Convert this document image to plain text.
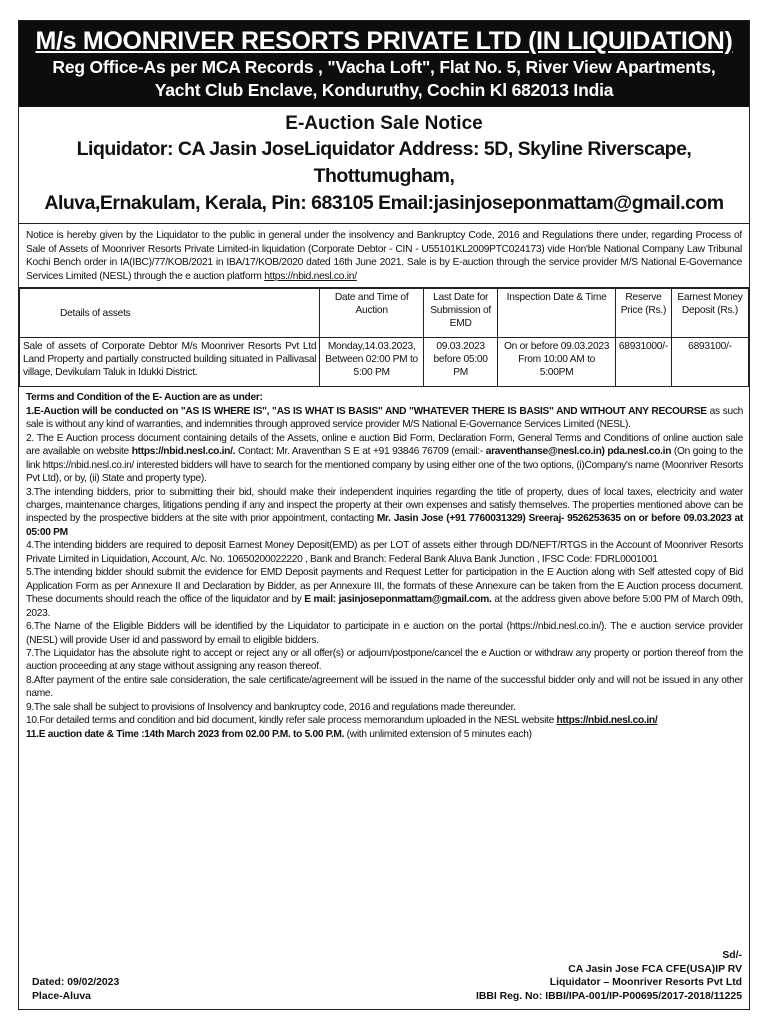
M/s MOONRIVER RESORTS PRIVATE LTD (IN LIQUIDATION)
Reg Office-As per MCA Records , "Vacha Loft", Flat No. 5, River View Apartments,
Yacht Club Enclave, Konduruthy, Cochin Kl 682013 India
E-Auction Sale Notice
Liquidator: CA Jasin JoseLiquidator Address: 5D, Skyline Riverscape, Thottumugham,
Aluva,Ernakulam, Kerala, Pin: 683105 Email:jasinjoseponmattam@gmail.com
Notice is hereby given by the Liquidator to the public in general under the insolvency and Bankruptcy Code, 2016 and Regulations there under, regarding Process of Sale of Assets of Moonriver Resorts Private Limited-in liquidation (Corporate Debtor - CIN - U55101KL2009PTC024173) vide Hon'ble National Company Law Tribunal Kochi Bench order in IA(IBC)/77/KOB/2021 in IBA/17/KOB/2020 dated 16th June 2021. Sale is by E-auction through the service provider M/S National E-Governance Services Limited (NESL) through the e auction platform https://nbid.nesl.co.in/
Details of assets	Date and Time of Auction	Last Date for Submission of EMD	Inspection Date & Time	Reserve Price (Rs.)	Earnest Money Deposit (Rs.)
Sale of assets of Corporate Debtor M/s Moonriver Resorts Pvt Ltd Land Property and partially constructed building situated in Pallivasal village, Devikulam Taluk in Idukki District.	Monday,14.03.2023, Between 02:00 PM to 5:00 PM	09.03.2023 before 05:00 PM	On or before 09.03.2023 From 10:00 AM to 5:00PM	68931000/-	6893100/-

Terms and Condition of the E- Auction are as under:

1.E-Auction will be conducted on "AS IS WHERE IS", "AS IS WHAT IS BASIS" AND "WHATEVER THERE IS BASIS" AND WITHOUT ANY RECOURSE as such sale is without any kind of warranties, and indemnities through approved service provider M/S National E-Governance Services Limited (NESL).

2. The E Auction process document containing details of the Assets, online e auction Bid Form, Declaration Form, General Terms and Conditions of online auction sale are available on website https://nbid.nesl.co.in/. Contact: Mr. Araventhan S E at +91 93846 76709 (email:- araventhanse@nesl.co.in) pda.nesl.co.in (On going to the link https://nbid.nesl.co.in/ interested bidders will have to search for the mentioned company by using either one of the two options, (i)Company's name (Moonriver Resorts Pvt Ltd), or by, (ii) State and property type).

3.The intending bidders, prior to submitting their bid, should make their independent inquiries regarding the title of property, dues of local taxes, electricity and water charges, maintenance charges, litigations pending if any and inspect the property at their own expenses and satisfy themselves. The properties mentioned above can be inspected by the prospective bidders at the site with prior appointment, contacting Mr. Jasin Jose (+91 7760031329) Sreeraj- 9526253635 on or before 09.03.2023 at 05:00 PM

4.The intending bidders are required to deposit Earnest Money Deposit(EMD) as per LOT of assets either through DD/NEFT/RTGS in the Account of Moonriver Resorts Private Limited in Liquidation, Account, A/c. No. 10650200022220 , Bank and Branch: Federal Bank Aluva Bank Junction , IFSC Code: FDRL0001001

5.The intending bidder should submit the evidence for EMD Deposit payments and Request Letter for participation in the E Auction along with Self attested copy of Bid Application Form as per Annexure II and Declaration by Bidder, as per Annexure III, the formats of these Annexure can be taken from the E Auction process document. These documents should reach the office of the liquidator and by E mail: jasinjoseponmattam@gmail.com. at the address given above before 5:00 PM of March 09th, 2023.

6.The Name of the Eligible Bidders will be identified by the Liquidator to participate in e auction on the portal (https://nbid.nesl.co.in/). The e auction service provider (NESL) will provide User id and password by email to eligible bidders.

7.The Liquidator has the absolute right to accept or reject any or all offer(s) or adjourn/postpone/cancel the e Auction or withdraw any property or portion thereof from the auction proceeding at any stage without assigning any reason thereof.

8.After payment of the entire sale consideration, the sale certificate/agreement will be issued in the name of the successful bidder only and will not be issued in any other name.

9.The sale shall be subject to provisions of Insolvency and bankruptcy code, 2016 and regulations made thereunder.

10.For detailed terms and condition and bid document, kindly refer sale process memorandum uploaded in the NESL website https://nbid.nesl.co.in/

11.E auction date & Time :14th March 2023 from 02.00 P.M. to 5.00 P.M. (with unlimited extension of 5 minutes each)

Sd/-
CA Jasin Jose FCA CFE(USA)IP RV
Liquidator – Moonriver Resorts Pvt Ltd
IBBI Reg. No: IBBI/IPA-001/IP-P00695/2017-2018/11225
Dated: 09/02/2023
Place-Aluva
